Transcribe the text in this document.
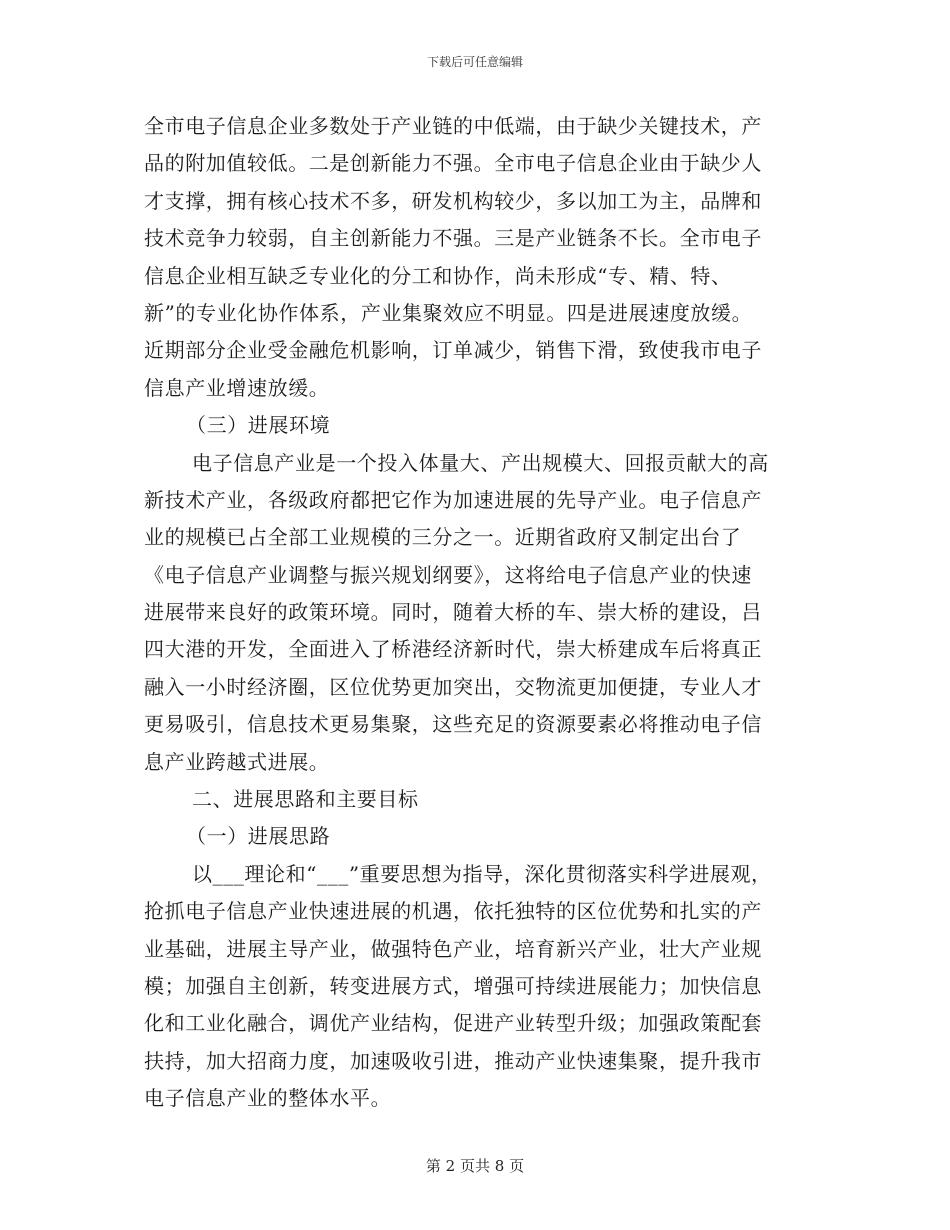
下载后可任意编辑
全市电子信息企业多数处于产业链的中低端，由于缺少关键技术，产
品的附加值较低。二是创新能力不强。全市电子信息企业由于缺少人
才支撑，拥有核心技术不多，研发机构较少，多以加工为主，品牌和
技术竞争力较弱，自主创新能力不强。三是产业链条不长。全市电子
信息企业相互缺乏专业化的分工和协作，尚未形成“专、精、特、
新”的专业化协作体系，产业集聚效应不明显。四是进展速度放缓。
近期部分企业受金融危机影响，订单减少，销售下滑，致使我市电子
信息产业增速放缓。
（三）进展环境
电子信息产业是一个投入体量大、产出规模大、回报贡献大的高
新技术产业，各级政府都把它作为加速进展的先导产业。电子信息产
业的规模已占全部工业规模的三分之一。近期省政府又制定出台了
《电子信息产业调整与振兴规划纲要》，这将给电子信息产业的快速
进展带来良好的政策环境。同时，随着大桥的车、崇大桥的建设，吕
四大港的开发，全面进入了桥港经济新时代，崇大桥建成车后将真正
融入一小时经济圈，区位优势更加突出，交物流更加便捷，专业人才
更易吸引，信息技术更易集聚，这些充足的资源要素必将推动电子信
息产业跨越式进展。
二、进展思路和主要目标
（一）进展思路
以___理论和“___”重要思想为指导，深化贯彻落实科学进展观，
抢抓电子信息产业快速进展的机遇，依托独特的区位优势和扎实的产
业基础，进展主导产业，做强特色产业，培育新兴产业，壮大产业规
模；加强自主创新，转变进展方式，增强可持续进展能力；加快信息
化和工业化融合，调优产业结构，促进产业转型升级；加强政策配套
扶持，加大招商力度，加速吸收引进，推动产业快速集聚，提升我市
电子信息产业的整体水平。
第 2 页共 8 页
